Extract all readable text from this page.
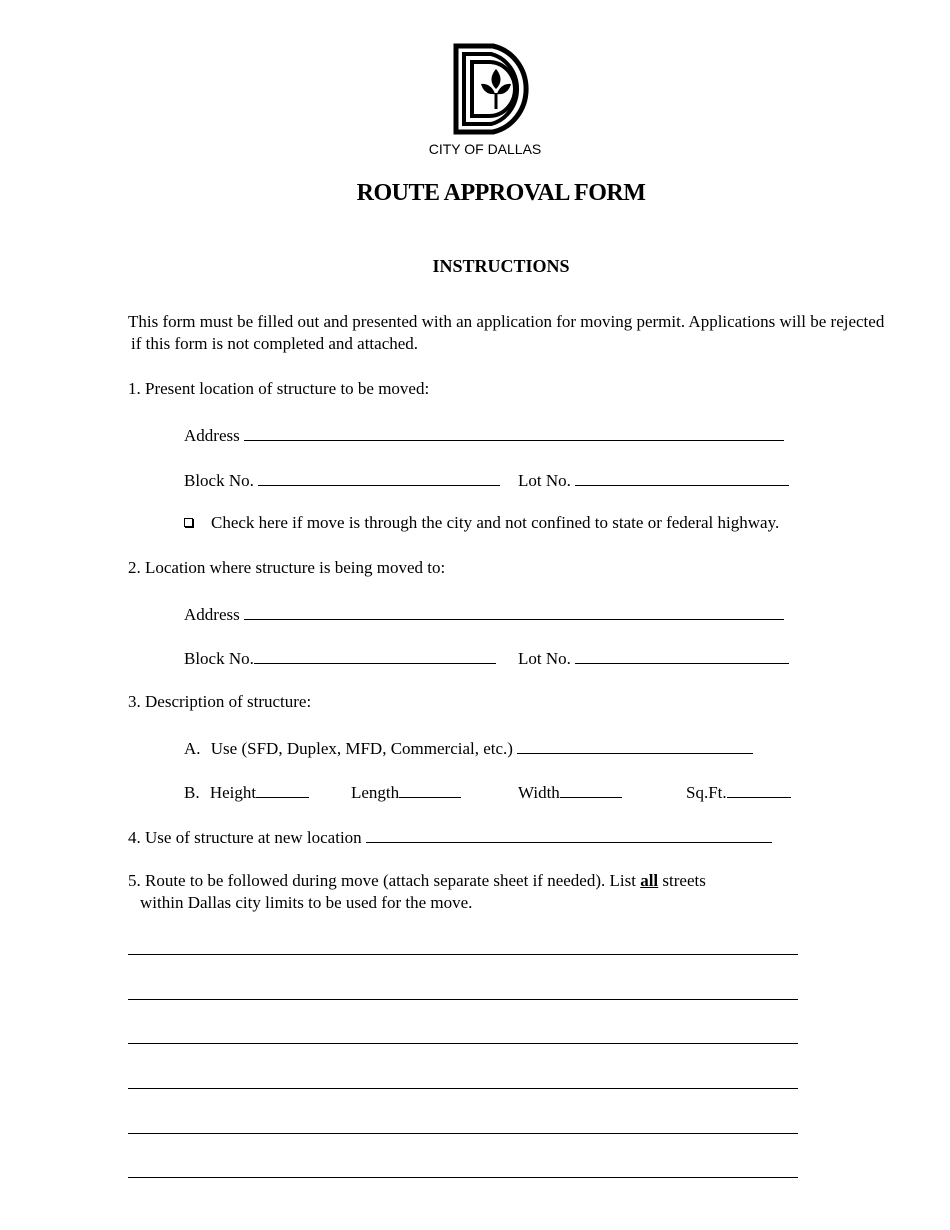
CITY OF DALLAS
ROUTE APPROVAL FORM
INSTRUCTIONS
This form must be filled out and presented with an application for moving permit. Applications will be rejected
if this form is not completed and attached.
1. Present location of structure to be moved:
Address
Block No.	Lot No.
Check here if move is through the city and not confined to state or federal highway.
2. Location where structure is being moved to:
Address
Block No.	Lot No.
3. Description of structure:
A. Use (SFD, Duplex, MFD, Commercial, etc.)
B. Height	Length	Width	Sq.Ft.
4. Use of structure at new location
5. Route to be followed during move (attach separate sheet if needed). List all streets
within Dallas city limits to be used for the move.
